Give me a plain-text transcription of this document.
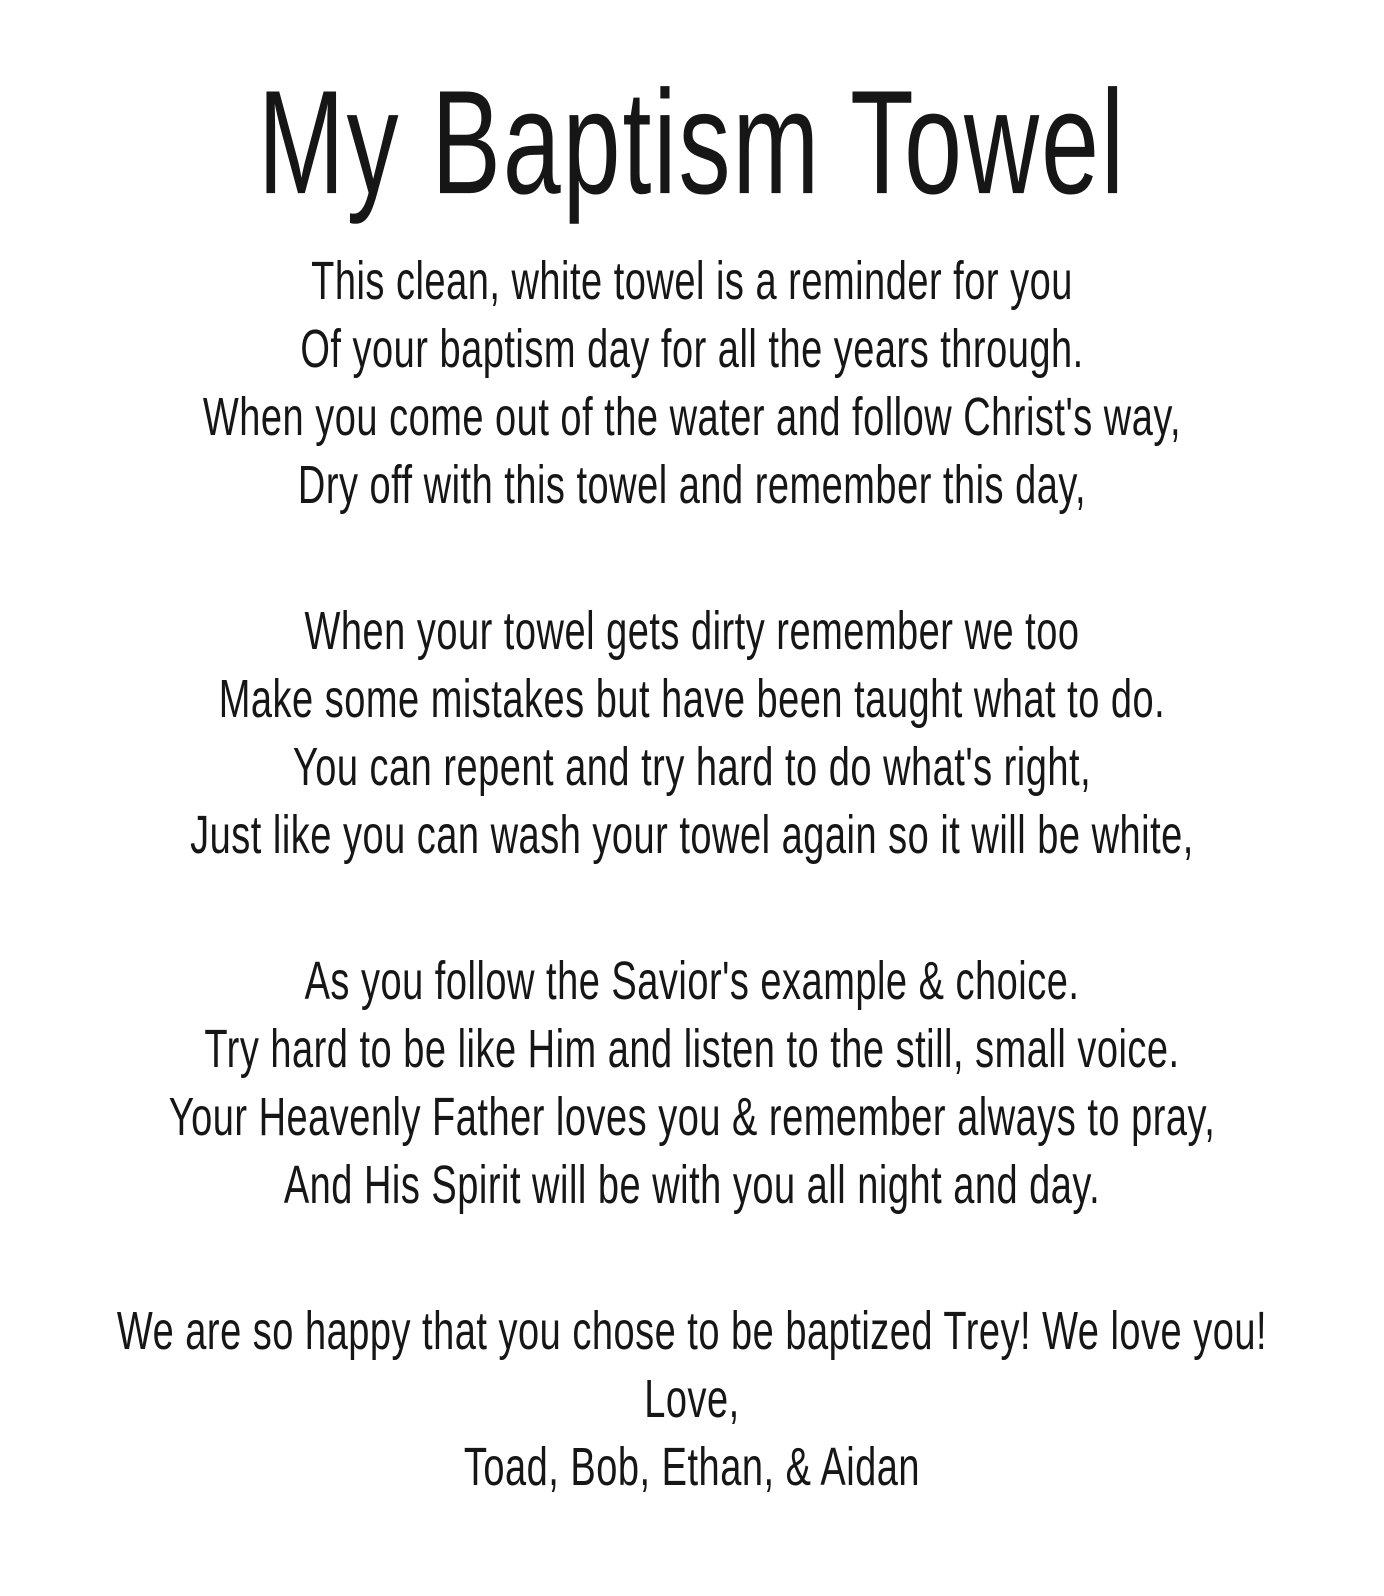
My Baptism Towel
This clean, white towel is a reminder for you
Of your baptism day for all the years through.
When you come out of the water and follow Christ's way,
Dry off with this towel and remember this day,
When your towel gets dirty remember we too
Make some mistakes but have been taught what to do.
You can repent and try hard to do what's right,
Just like you can wash your towel again so it will be white,
As you follow the Savior's example & choice.
Try hard to be like Him and listen to the still, small voice.
Your Heavenly Father loves you & remember always to pray,
And His Spirit will be with you all night and day.
We are so happy that you chose to be baptized Trey! We love you!
Love,
Toad, Bob, Ethan, & Aidan
